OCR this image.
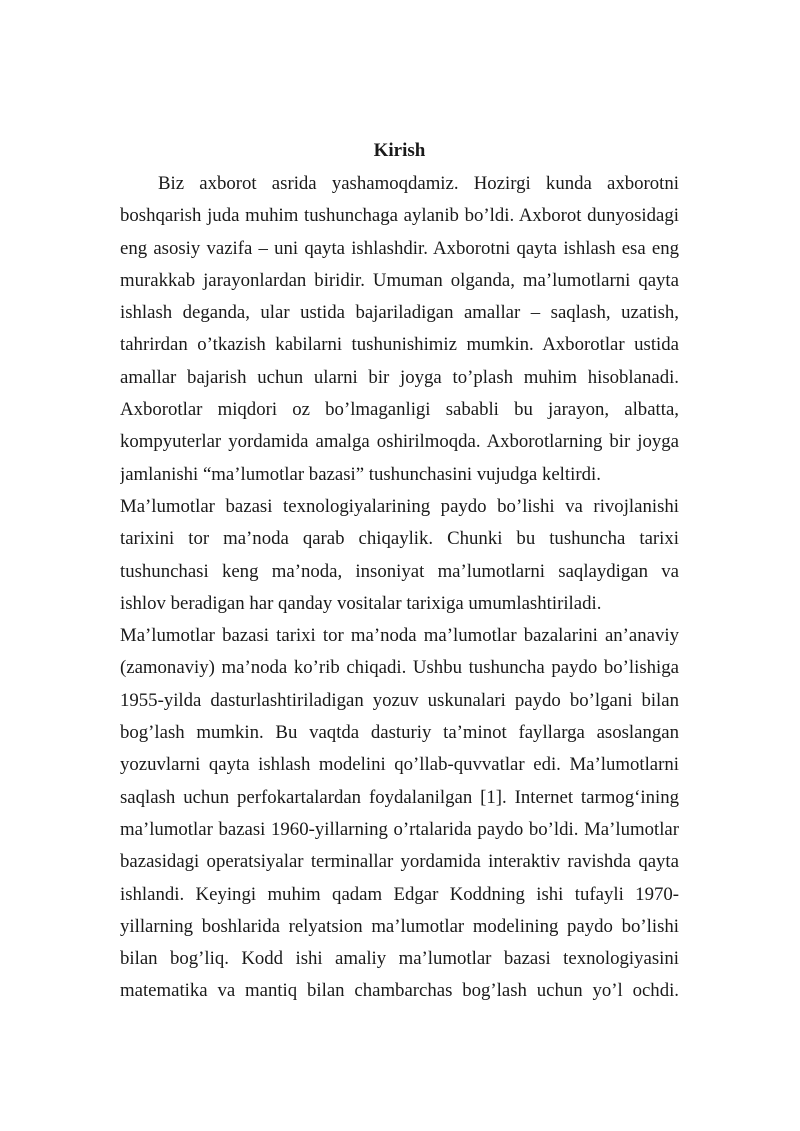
Kirish
Biz axborot asrida yashamoqdamiz. Hozirgi kunda axborotni
boshqarish juda muhim tushunchaga aylanib bo’ldi. Axborot dunyosidagi
eng asosiy vazifa – uni qayta ishlashdir. Axborotni qayta ishlash esa eng
murakkab jarayonlardan biridir. Umuman olganda, ma’lumotlarni qayta
ishlash deganda, ular ustida bajariladigan amallar – saqlash, uzatish,
tahrirdan o’tkazish kabilarni tushunishimiz mumkin. Axborotlar ustida
amallar bajarish uchun ularni bir joyga to’plash muhim hisoblanadi.
Axborotlar miqdori oz bo’lmaganligi sababli bu jarayon, albatta,
kompyuterlar yordamida amalga oshirilmoqda. Axborotlarning bir joyga
jamlanishi “ma’lumotlar bazasi” tushunchasini vujudga keltirdi.
Ma’lumotlar bazasi texnologiyalarining paydo bo’lishi va rivojlanishi
tarixini tor ma’noda qarab chiqaylik. Chunki bu tushuncha tarixi
tushunchasi keng ma’noda, insoniyat ma’lumotlarni saqlaydigan va
ishlov beradigan har qanday vositalar tarixiga umumlashtiriladi.
Ma’lumotlar bazasi tarixi tor ma’noda ma’lumotlar bazalarini an’anaviy
(zamonaviy) ma’noda ko’rib chiqadi. Ushbu tushuncha paydo bo’lishiga
1955-yilda dasturlashtiriladigan yozuv uskunalari paydo bo’lgani bilan
bog’lash mumkin. Bu vaqtda dasturiy ta’minot fayllarga asoslangan
yozuvlarni qayta ishlash modelini qo’llab-quvvatlar edi. Ma’lumotlarni
saqlash uchun perfokartalardan foydalanilgan [1]. Internet tarmog‘ining
ma’lumotlar bazasi 1960-yillarning o’rtalarida paydo bo’ldi. Ma’lumotlar
bazasidagi operatsiyalar terminallar yordamida interaktiv ravishda qayta
ishlandi. Keyingi muhim qadam Edgar Koddning ishi tufayli 1970-
yillarning boshlarida relyatsion ma’lumotlar modelining paydo bo’lishi
bilan bog’liq. Kodd ishi amaliy ma’lumotlar bazasi texnologiyasini
matematika va mantiq bilan chambarchas bog’lash uchun yo’l ochdi.
